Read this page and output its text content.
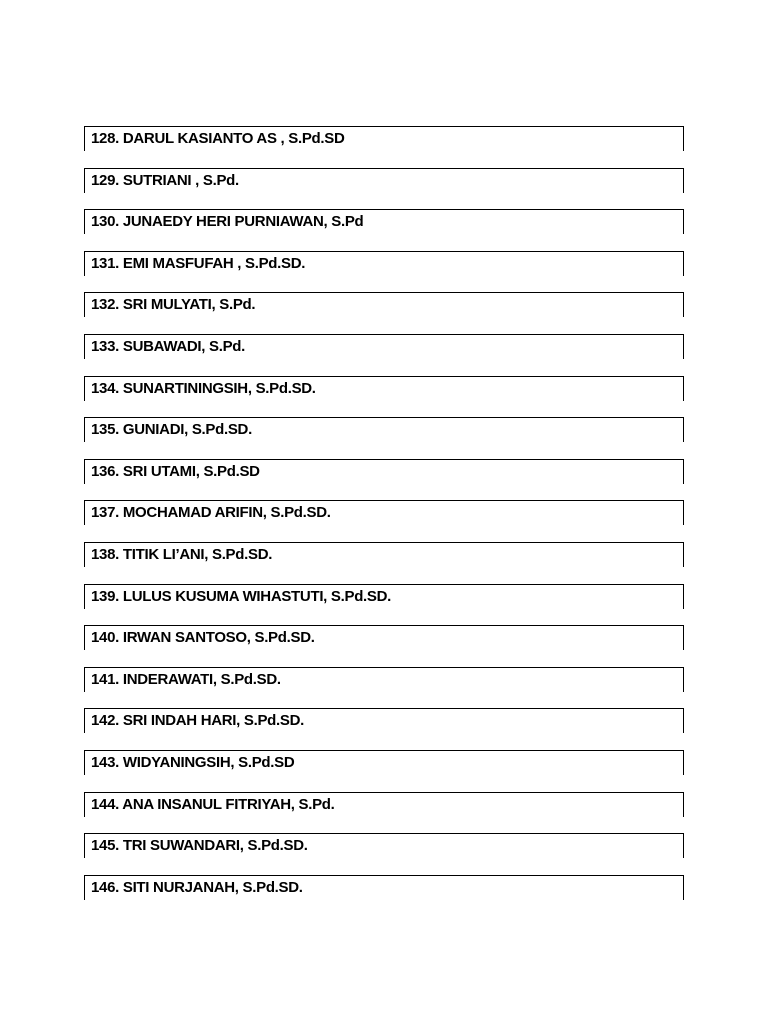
128. DARUL KASIANTO AS , S.Pd.SD
129. SUTRIANI , S.Pd.
130. JUNAEDY HERI PURNIAWAN, S.Pd
131. EMI MASFUFAH , S.Pd.SD.
132. SRI MULYATI, S.Pd.
133. SUBAWADI, S.Pd.
134. SUNARTININGSIH, S.Pd.SD.
135. GUNIADI, S.Pd.SD.
136. SRI UTAMI, S.Pd.SD
137. MOCHAMAD ARIFIN, S.Pd.SD.
138. TITIK LI’ANI, S.Pd.SD.
139. LULUS KUSUMA WIHASTUTI, S.Pd.SD.
140. IRWAN SANTOSO, S.Pd.SD.
141. INDERAWATI, S.Pd.SD.
142. SRI INDAH HARI, S.Pd.SD.
143. WIDYANINGSIH, S.Pd.SD
144. ANA INSANUL FITRIYAH, S.Pd.
145. TRI SUWANDARI, S.Pd.SD.
146. SITI NURJANAH, S.Pd.SD.
